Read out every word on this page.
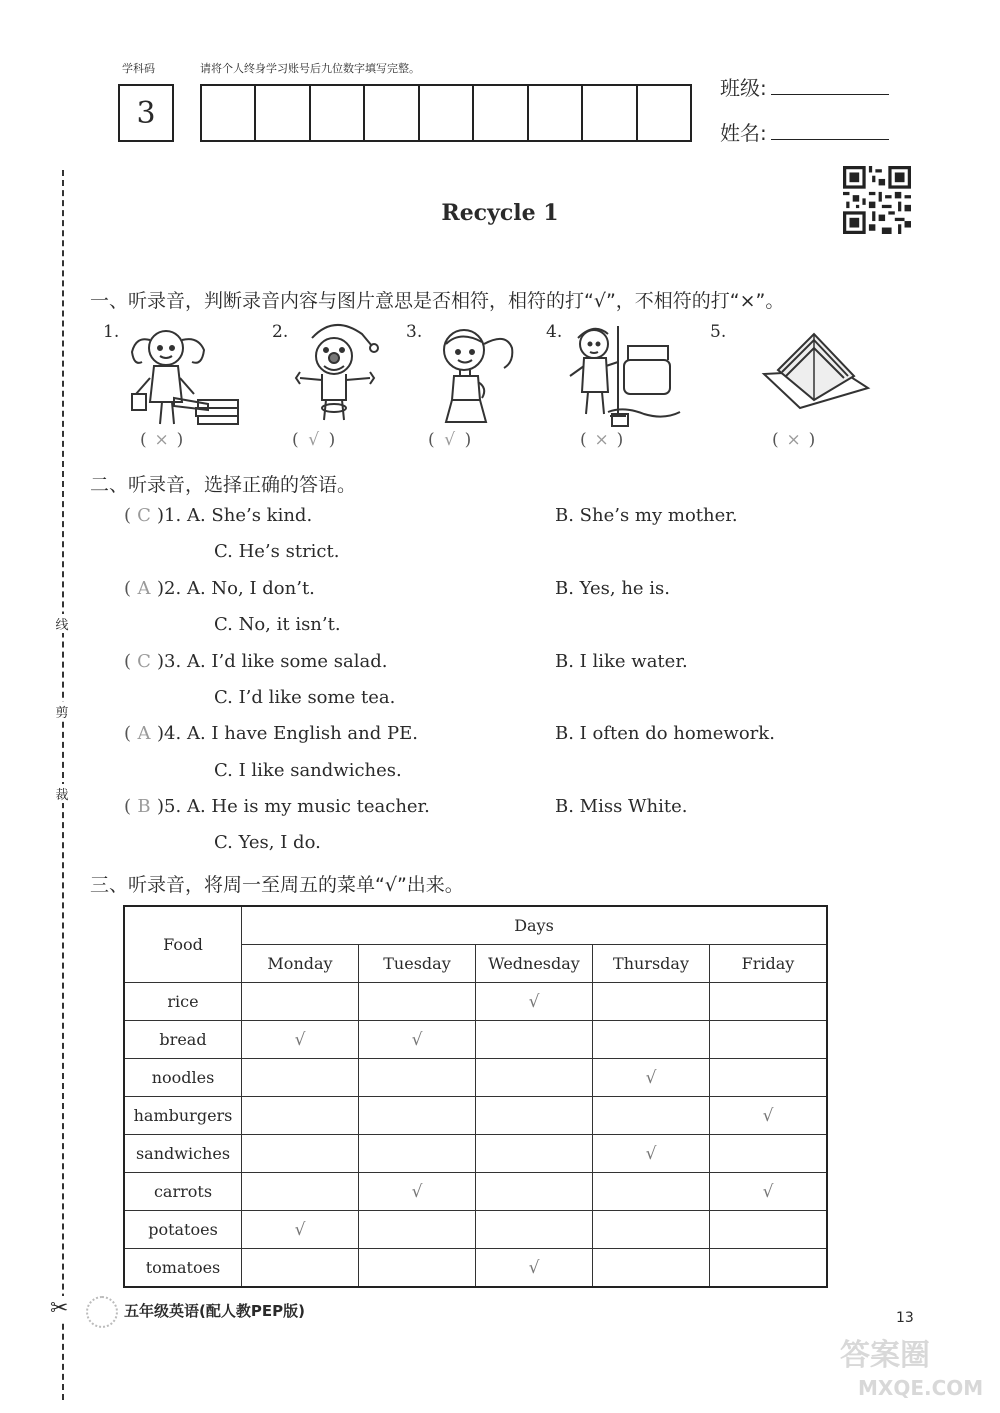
学科码	请将个人终身学习账号后九位数字填写完整。
3
班级:
姓名:
线
剪
裁
✂
Recycle 1
一、听录音，判断录音内容与图片意思是否相符，相符的打“√”，不相符的打“×”。
1.
( × )
2.
( √ )
3.
( √ )
4.
( × )
5.
( × )
二、听录音，选择正确的答语。
( C )1. A. She’s kind.	B. She’s my mother.
C. He’s strict.
( A )2. A. No, I don’t.	B. Yes, he is.
C. No, it isn’t.
( C )3. A. I’d like some salad.	B. I like water.
C. I’d like some tea.
( A )4. A. I have English and PE.	B. I often do homework.
C. I like sandwiches.
( B )5. A. He is my music teacher.	B. Miss White.
C. Yes, I do.
三、听录音，将周一至周五的菜单“√”出来。
Food	Days				
	Monday	Tuesday	Wednesday	Thursday	Friday
rice			√		
bread	√	√			
noodles				√	
hamburgers					√
sandwiches				√	
carrots		√			√
potatoes	√				
tomatoes			√		
五年级英语(配人教PEP版)	13
答案圈
MXQE.COM
